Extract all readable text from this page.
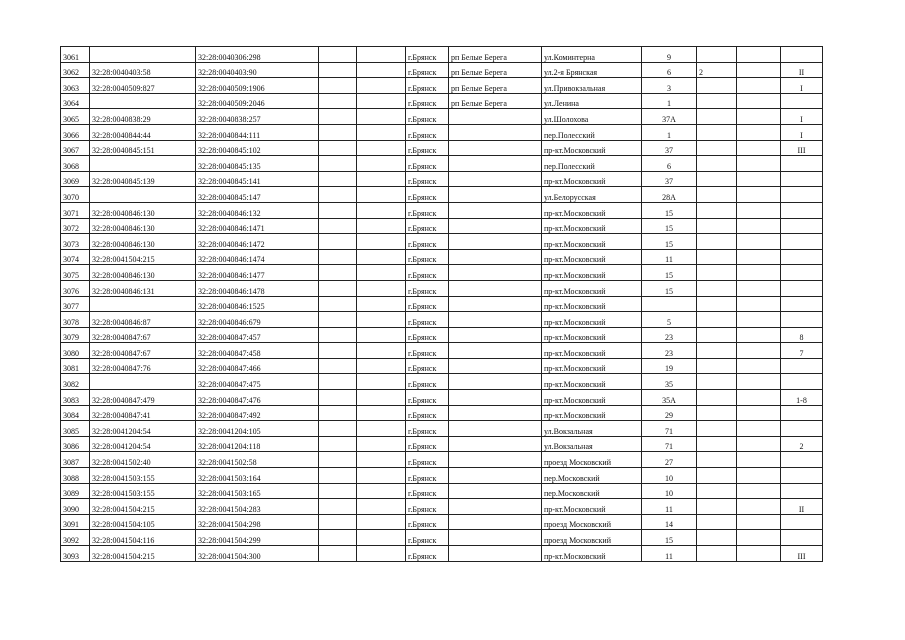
3061		32:28:0040306:298			г.Брянск	рп Белые Берега	ул.Коминтерна	9			
3062	32:28:0040403:58	32:28:0040403:90			г.Брянск	рп Белые Берега	ул.2-я Брянская	6	2		II
3063	32:28:0040509:827	32:28:0040509:1906			г.Брянск	рп Белые Берега	ул.Привокзальная	3			I
3064		32:28:0040509:2046			г.Брянск	рп Белые Берега	ул.Ленина	1			
3065	32:28:0040838:29	32:28:0040838:257			г.Брянск		ул.Шолохова	37А			I
3066	32:28:0040844:44	32:28:0040844:111			г.Брянск		пер.Полесский	1			I
3067	32:28:0040845:151	32:28:0040845:102			г.Брянск		пр-кт.Московский	37			III
3068		32:28:0040845:135			г.Брянск		пер.Полесский	6			
3069	32:28:0040845:139	32:28:0040845:141			г.Брянск		пр-кт.Московский	37			
3070		32:28:0040845:147			г.Брянск		ул.Белорусская	28А			
3071	32:28:0040846:130	32:28:0040846:132			г.Брянск		пр-кт.Московский	15			
3072	32:28:0040846:130	32:28:0040846:1471			г.Брянск		пр-кт.Московский	15			
3073	32:28:0040846:130	32:28:0040846:1472			г.Брянск		пр-кт.Московский	15			
3074	32:28:0041504:215	32:28:0040846:1474			г.Брянск		пр-кт.Московский	11			
3075	32:28:0040846:130	32:28:0040846:1477			г.Брянск		пр-кт.Московский	15			
3076	32:28:0040846:131	32:28:0040846:1478			г.Брянск		пр-кт.Московский	15			
3077		32:28:0040846:1525			г.Брянск		пр-кт.Московский				
3078	32:28:0040846:87	32:28:0040846:679			г.Брянск		пр-кт.Московский	5			
3079	32:28:0040847:67	32:28:0040847:457			г.Брянск		пр-кт.Московский	23			8
3080	32:28:0040847:67	32:28:0040847:458			г.Брянск		пр-кт.Московский	23			7
3081	32:28:0040847:76	32:28:0040847:466			г.Брянск		пр-кт.Московский	19			
3082		32:28:0040847:475			г.Брянск		пр-кт.Московский	35			
3083	32:28:0040847:479	32:28:0040847:476			г.Брянск		пр-кт.Московский	35А			1-8
3084	32:28:0040847:41	32:28:0040847:492			г.Брянск		пр-кт.Московский	29			
3085	32:28:0041204:54	32:28:0041204:105			г.Брянск		ул.Вокзальная	71			
3086	32:28:0041204:54	32:28:0041204:118			г.Брянск		ул.Вокзальная	71			2
3087	32:28:0041502:40	32:28:0041502:58			г.Брянск		проезд Московский	27			
3088	32:28:0041503:155	32:28:0041503:164			г.Брянск		пер.Московский	10			
3089	32:28:0041503:155	32:28:0041503:165			г.Брянск		пер.Московский	10			
3090	32:28:0041504:215	32:28:0041504:283			г.Брянск		пр-кт.Московский	11			II
3091	32:28:0041504:105	32:28:0041504:298			г.Брянск		проезд Московский	14			
3092	32:28:0041504:116	32:28:0041504:299			г.Брянск		проезд Московский	15			
3093	32:28:0041504:215	32:28:0041504:300			г.Брянск		пр-кт.Московский	11			III
